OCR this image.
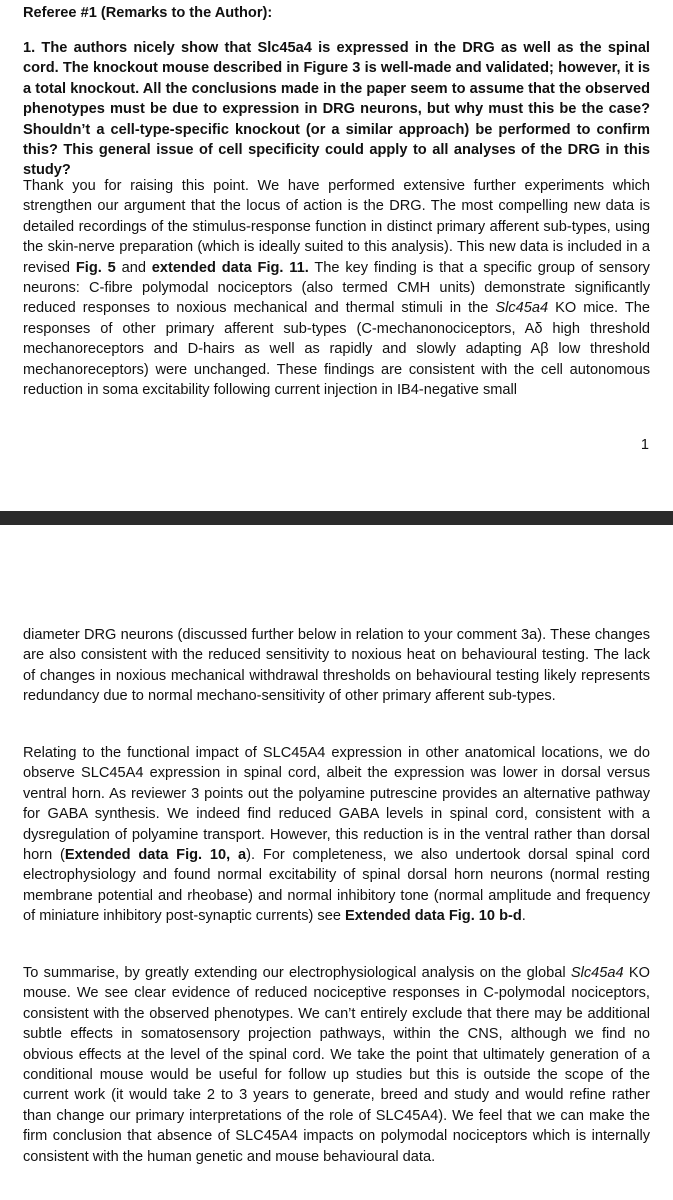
Referee #1 (Remarks to the Author):
1. The authors nicely show that Slc45a4 is expressed in the DRG as well as the spinal cord. The knockout mouse described in Figure 3 is well-made and validated; however, it is a total knockout. All the conclusions made in the paper seem to assume that the observed phenotypes must be due to expression in DRG neurons, but why must this be the case? Shouldn’t a cell-type-specific knockout (or a similar approach) be performed to confirm this? This general issue of cell specificity could apply to all analyses of the DRG in this study?
Thank you for raising this point. We have performed extensive further experiments which strengthen our argument that the locus of action is the DRG. The most compelling new data is detailed recordings of the stimulus-response function in distinct primary afferent sub-types, using the skin-nerve preparation (which is ideally suited to this analysis). This new data is included in a revised Fig. 5 and extended data Fig. 11. The key finding is that a specific group of sensory neurons: C-fibre polymodal nociceptors (also termed CMH units) demonstrate significantly reduced responses to noxious mechanical and thermal stimuli in the Slc45a4 KO mice. The responses of other primary afferent sub-types (C-mechanonociceptors, Aδ high threshold mechanoreceptors and D-hairs as well as rapidly and slowly adapting Aβ low threshold mechanoreceptors) were unchanged. These findings are consistent with the cell autonomous reduction in soma excitability following current injection in IB4-negative small
1
diameter DRG neurons (discussed further below in relation to your comment 3a). These changes are also consistent with the reduced sensitivity to noxious heat on behavioural testing. The lack of changes in noxious mechanical withdrawal thresholds on behavioural testing likely represents redundancy due to normal mechano-sensitivity of other primary afferent sub-types.
Relating to the functional impact of SLC45A4 expression in other anatomical locations, we do observe SLC45A4 expression in spinal cord, albeit the expression was lower in dorsal versus ventral horn. As reviewer 3 points out the polyamine putrescine provides an alternative pathway for GABA synthesis. We indeed find reduced GABA levels in spinal cord, consistent with a dysregulation of polyamine transport. However, this reduction is in the ventral rather than dorsal horn (Extended data Fig. 10, a). For completeness, we also undertook dorsal spinal cord electrophysiology and found normal excitability of spinal dorsal horn neurons (normal resting membrane potential and rheobase) and normal inhibitory tone (normal amplitude and frequency of miniature inhibitory post-synaptic currents) see Extended data Fig. 10 b-d.
To summarise, by greatly extending our electrophysiological analysis on the global Slc45a4 KO mouse. We see clear evidence of reduced nociceptive responses in C-polymodal nociceptors, consistent with the observed phenotypes. We can’t entirely exclude that there may be additional subtle effects in somatosensory projection pathways, within the CNS, although we find no obvious effects at the level of the spinal cord. We take the point that ultimately generation of a conditional mouse would be useful for follow up studies but this is outside the scope of the current work (it would take 2 to 3 years to generate, breed and study and would refine rather than change our primary interpretations of the role of SLC45A4). We feel that we can make the firm conclusion that absence of SLC45A4 impacts on polymodal nociceptors which is internally consistent with the human genetic and mouse behavioural data.
